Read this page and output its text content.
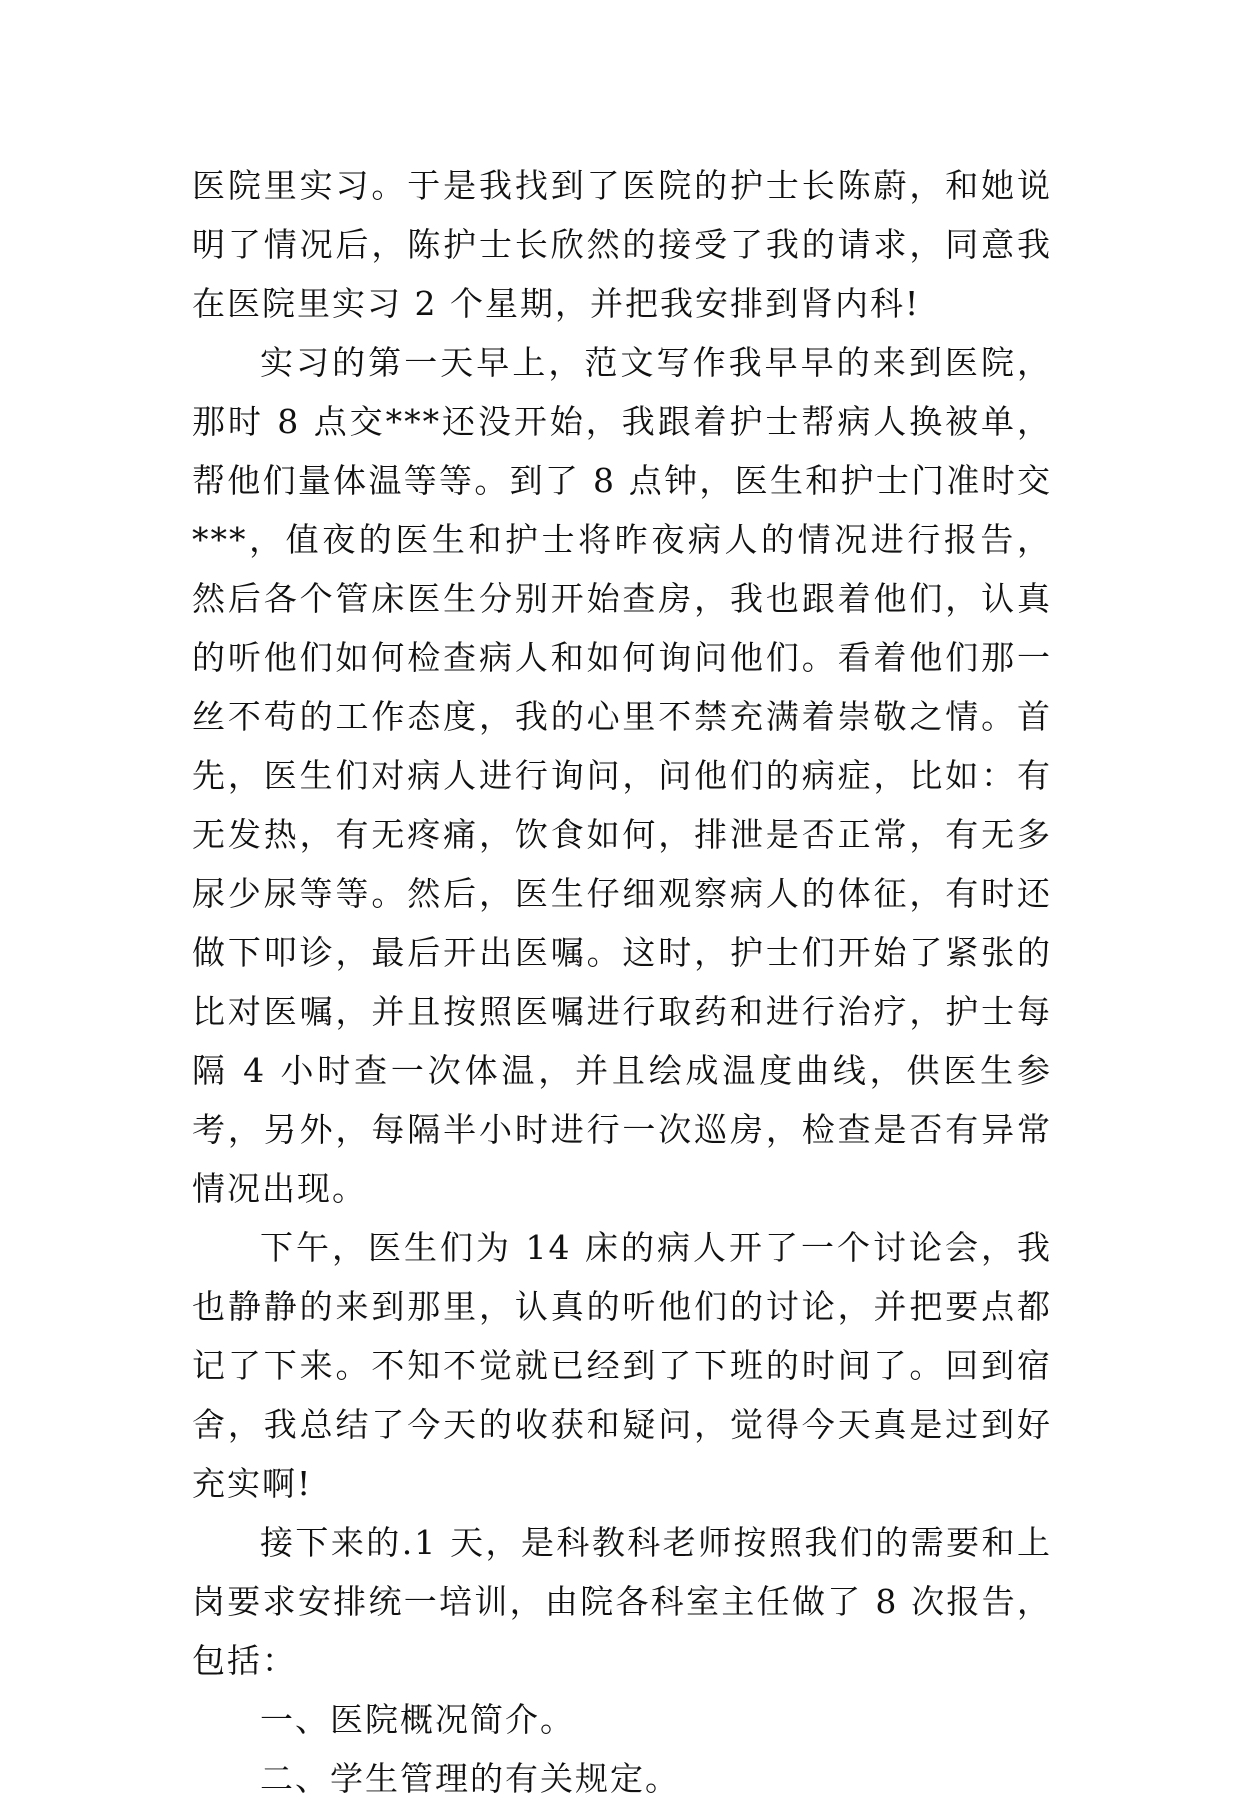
医院里实习。于是我找到了医院的护士长陈蔚，和她说明了情况后，陈护士长欣然的接受了我的请求，同意我在医院里实习 2 个星期，并把我安排到肾内科!

实习的第一天早上，范文写作我早早的来到医院，那时 8 点交***还没开始，我跟着护士帮病人换被单，帮他们量体温等等。到了 8 点钟，医生和护士门准时交***，值夜的医生和护士将昨夜病人的情况进行报告，然后各个管床医生分别开始查房，我也跟着他们，认真的听他们如何检查病人和如何询问他们。看着他们那一丝不苟的工作态度，我的心里不禁充满着崇敬之情。首先，医生们对病人进行询问，问他们的病症，比如：有无发热，有无疼痛，饮食如何，排泄是否正常，有无多尿少尿等等。然后，医生仔细观察病人的体征，有时还做下叩诊，最后开出医嘱。这时，护士们开始了紧张的比对医嘱，并且按照医嘱进行取药和进行治疗，护士每隔 4 小时查一次体温，并且绘成温度曲线，供医生参考，另外，每隔半小时进行一次巡房，检查是否有异常情况出现。

下午，医生们为 14 床的病人开了一个讨论会，我也静静的来到那里，认真的听他们的讨论，并把要点都记了下来。不知不觉就已经到了下班的时间了。回到宿舍，我总结了今天的收获和疑问，觉得今天真是过到好充实啊!

接下来的.1 天，是科教科老师按照我们的需要和上岗要求安排统一培训，由院各科室主任做了 8 次报告，包括：

一、医院概况简介。

二、学生管理的有关规定。
